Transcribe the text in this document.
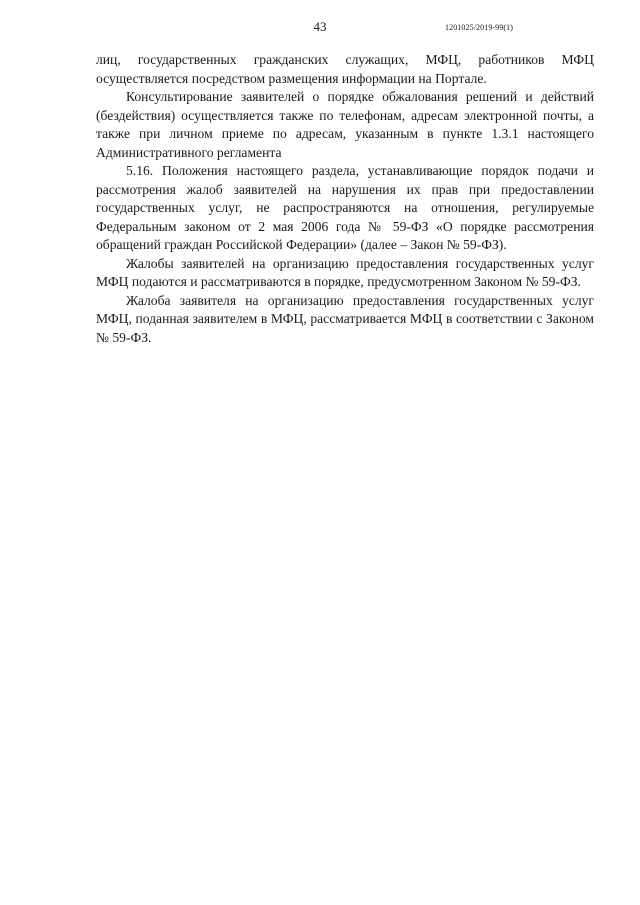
43	1201025/2019-99(1)

лиц, государственных гражданских служащих, МФЦ, работников МФЦ осуществляется посредством размещения информации на Портале.

Консультирование заявителей о порядке обжалования решений и действий (бездействия) осуществляется также по телефонам, адресам электронной почты, а также при личном приеме по адресам, указанным в пункте 1.3.1 настоящего Административного регламента

5.16. Положения настоящего раздела, устанавливающие порядок подачи и рассмотрения жалоб заявителей на нарушения их прав при предоставлении государственных услуг, не распространяются на отношения, регулируемые Федеральным законом от 2 мая 2006 года № 59-ФЗ «О порядке рассмотрения обращений граждан Российской Федерации» (далее – Закон № 59-ФЗ).

Жалобы заявителей на организацию предоставления государственных услуг МФЦ подаются и рассматриваются в порядке, предусмотренном Законом № 59-ФЗ.

Жалоба заявителя на организацию предоставления государственных услуг МФЦ, поданная заявителем в МФЦ, рассматривается МФЦ в соответствии с Законом № 59-ФЗ.
